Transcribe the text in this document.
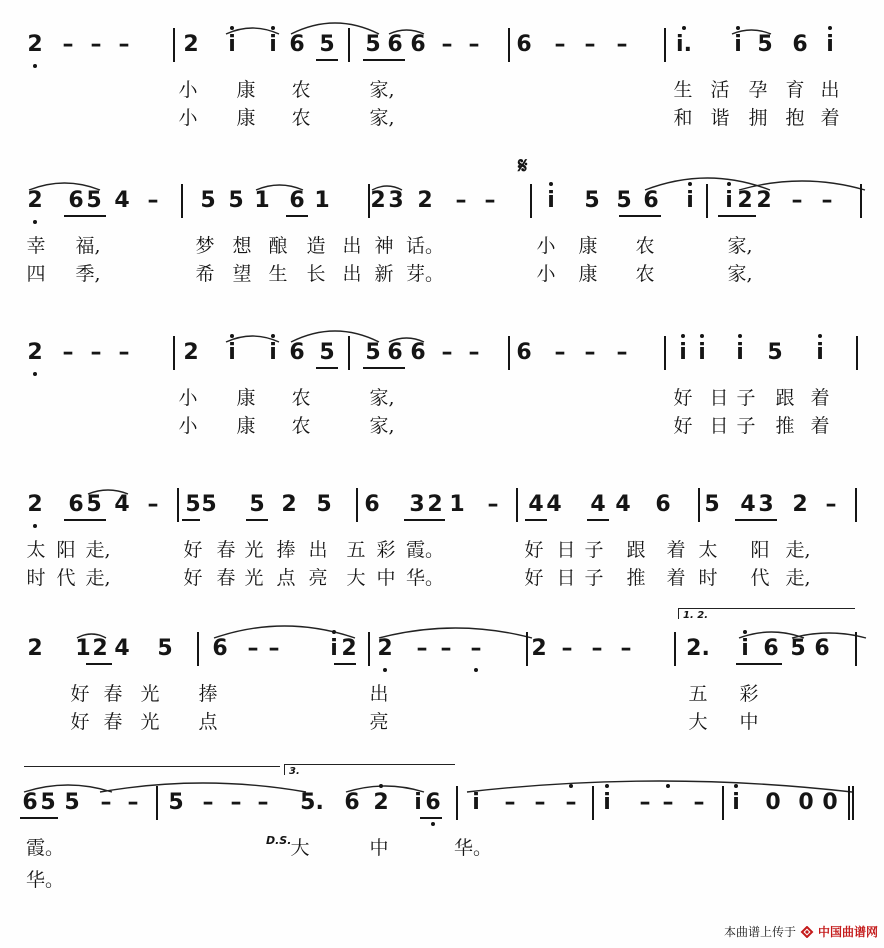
2 – – –	2	i	i 6 5 5 6 6 – –	6	– – –	i.	i 5 6 i
小 康 农	家,	生 活 孕 育 出
小 康 农	家,	和 谐 拥 抱 着
2 6 5 4 –	5 5 1 6 1 2 3 2	– –	i	5 5 6	i	i 2 2 – –
幸 福,	梦 想 酿 造 出 神 话。	小 康 农	家,
四 季,	希 望 生 长 出 新 芽。	小 康 农	家,
𝄋
2 – – –	2	i	i 6 5 5 6 6 – –	6	– – –	i i	i	5	i
小 康 农	家,	好 日 子 跟 着
小 康 农	家,	好 日 子 推 着
2 6 5 4 –	5 5 5 2 5 6 3 2 1	–	4 4 4 4 6 5 4 3 2 –
太 阳 走,	好 春 光 捧 出 五 彩 霞。	好 日 子 跟 着 太 阳 走,
时 代 走,	好 春 光 点 亮 大 中 华。	好 日 子 推 着 时 代 走,
2 1 2 4 5 6 – –	i 2 2	– – –	2 – – –	2.	i 6 5 6
好 春 光 捧	出	五 彩
好 春 光 点	亮	大 中
1. 2.
6 5 5 – –	5 – – –	5. 6 2	i 6	i	– – –	i	– – –	i	0 0 0
霞。	大	中	华。
华。
3.
D.S.
本曲谱上传于 中国曲谱网
